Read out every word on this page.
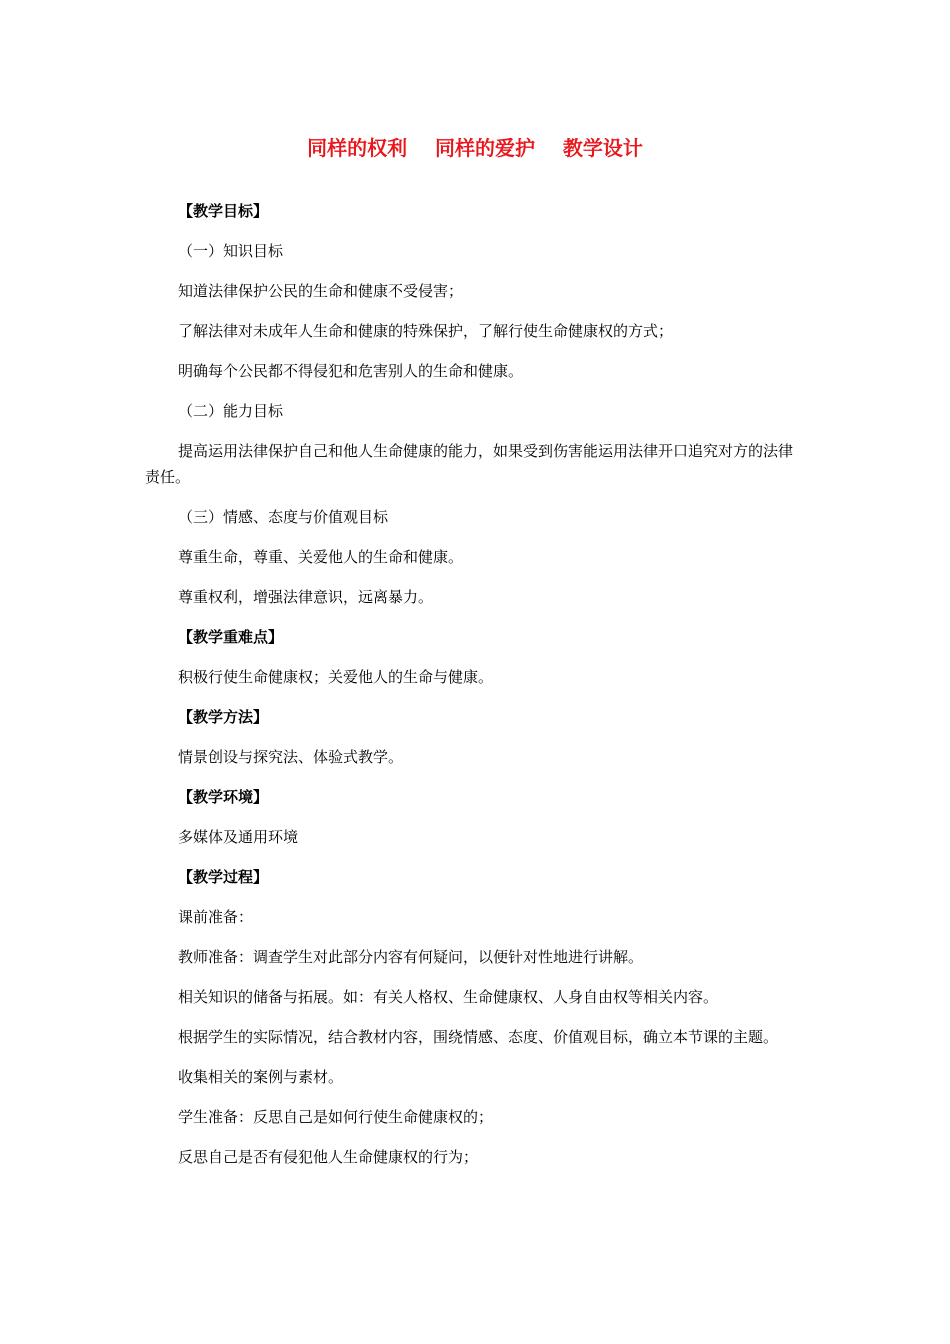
同样的权利    同样的爱护    教学设计
【教学目标】
（一）知识目标
知道法律保护公民的生命和健康不受侵害；
了解法律对未成年人生命和健康的特殊保护，了解行使生命健康权的方式；
明确每个公民都不得侵犯和危害别人的生命和健康。
（二）能力目标
提高运用法律保护自己和他人生命健康的能力，如果受到伤害能运用法律开口追究对方的法律责任。
（三）情感、态度与价值观目标
尊重生命，尊重、关爱他人的生命和健康。
尊重权利，增强法律意识，远离暴力。
【教学重难点】
积极行使生命健康权；关爱他人的生命与健康。
【教学方法】
情景创设与探究法、体验式教学。
【教学环境】
多媒体及通用环境
【教学过程】
课前准备：
教师准备：调查学生对此部分内容有何疑问，以便针对性地进行讲解。
相关知识的储备与拓展。如：有关人格权、生命健康权、人身自由权等相关内容。
根据学生的实际情况，结合教材内容，围绕情感、态度、价值观目标，确立本节课的主题。
收集相关的案例与素材。
学生准备：反思自己是如何行使生命健康权的；
反思自己是否有侵犯他人生命健康权的行为；
